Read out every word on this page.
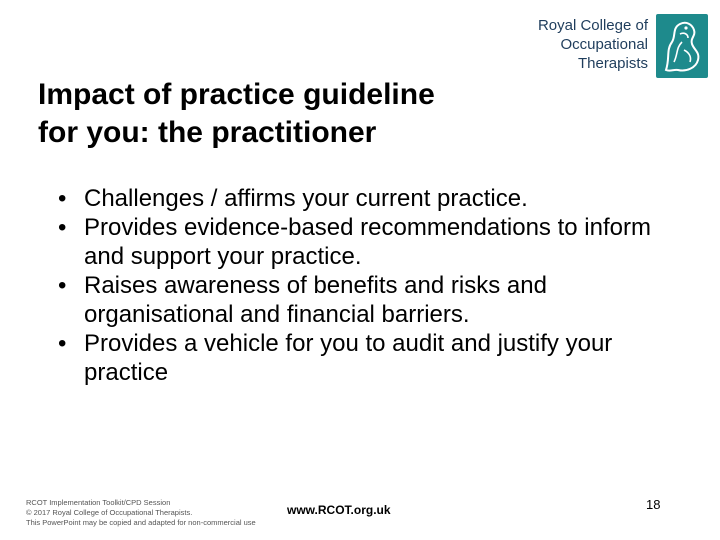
Royal College of
Occupational
Therapists
Impact of practice guideline
for you: the practitioner
• Challenges / affirms your current practice.
• Provides evidence-based recommendations to inform and support your practice.
• Raises awareness of benefits and risks and organisational and financial barriers.
• Provides a vehicle for you to audit and justify your practice
RCOT Implementation Toolkit/CPD Session
© 2017 Royal College of Occupational Therapists.
This PowerPoint may be copied and adapted for non-commercial use
www.RCOT.org.uk	18
